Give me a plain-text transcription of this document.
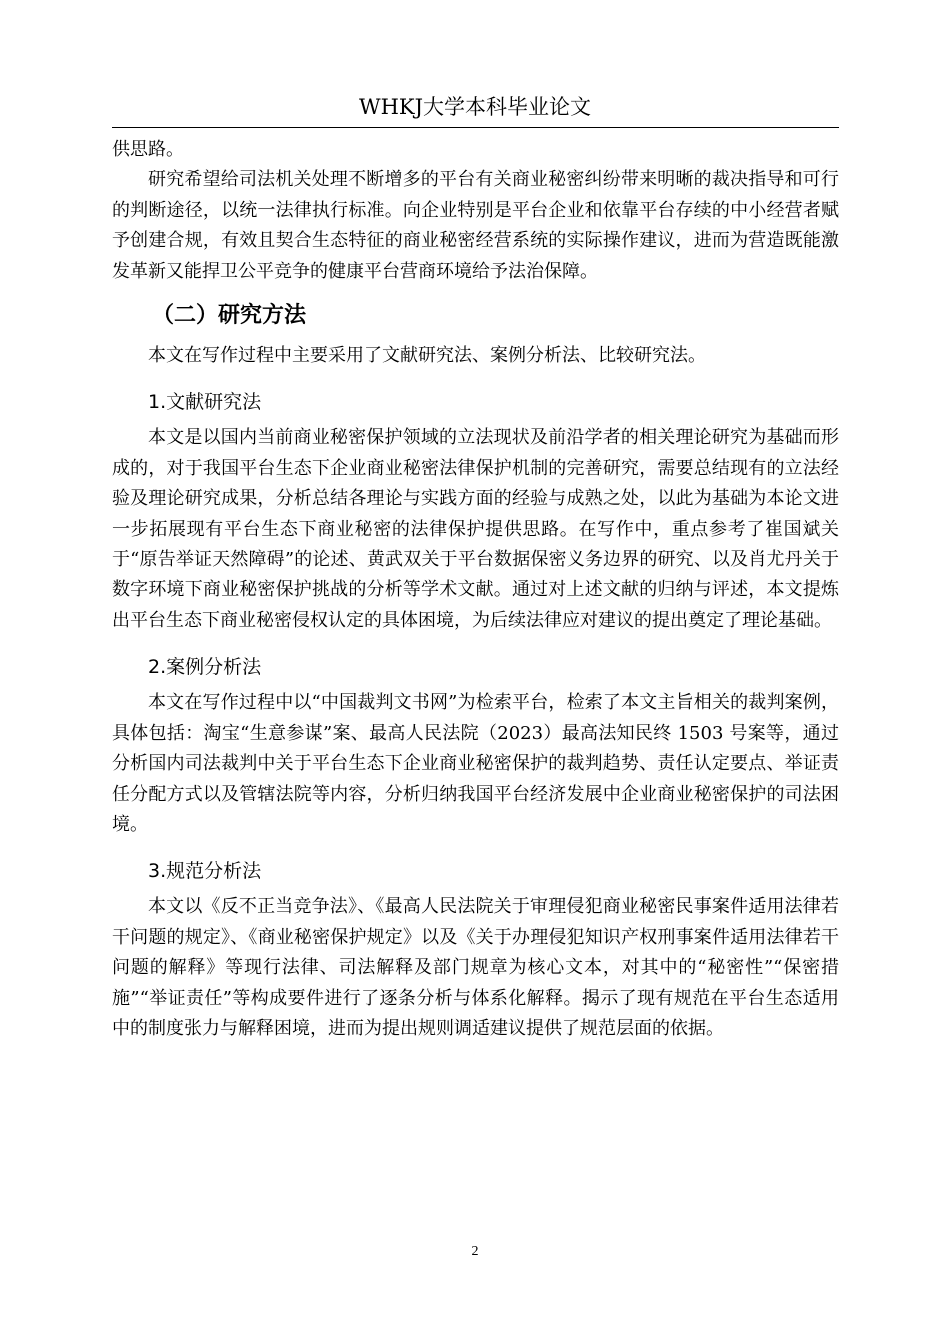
WHKJ大学本科毕业论文

供思路。

研究希望给司法机关处理不断增多的平台有关商业秘密纠纷带来明晰的裁决指导和可行的判断途径，以统一法律执行标准。向企业特别是平台企业和依靠平台存续的中小经营者赋予创建合规，有效且契合生态特征的商业秘密经营系统的实际操作建议，进而为营造既能激发革新又能捍卫公平竞争的健康平台营商环境给予法治保障。

（二）研究方法

本文在写作过程中主要采用了文献研究法、案例分析法、比较研究法。

1.文献研究法

本文是以国内当前商业秘密保护领域的立法现状及前沿学者的相关理论研究为基础而形成的，对于我国平台生态下企业商业秘密法律保护机制的完善研究，需要总结现有的立法经验及理论研究成果，分析总结各理论与实践方面的经验与成熟之处，以此为基础为本论文进一步拓展现有平台生态下商业秘密的法律保护提供思路。在写作中，重点参考了崔国斌关于“原告举证天然障碍”的论述、黄武双关于平台数据保密义务边界的研究、以及肖尤丹关于数字环境下商业秘密保护挑战的分析等学术文献。通过对上述文献的归纳与评述，本文提炼出平台生态下商业秘密侵权认定的具体困境，为后续法律应对建议的提出奠定了理论基础。

2.案例分析法

本文在写作过程中以“中国裁判文书网”为检索平台，检索了本文主旨相关的裁判案例，具体包括：淘宝“生意参谋”案、最高人民法院（2023）最高法知民终 1503 号案等，通过分析国内司法裁判中关于平台生态下企业商业秘密保护的裁判趋势、责任认定要点、举证责任分配方式以及管辖法院等内容，分析归纳我国平台经济发展中企业商业秘密保护的司法困境。

3.规范分析法

本文以《反不正当竞争法》、《最高人民法院关于审理侵犯商业秘密民事案件适用法律若干问题的规定》、《商业秘密保护规定》以及《关于办理侵犯知识产权刑事案件适用法律若干问题的解释》等现行法律、司法解释及部门规章为核心文本，对其中的“秘密性”“保密措施”“举证责任”等构成要件进行了逐条分析与体系化解释。揭示了现有规范在平台生态适用中的制度张力与解释困境，进而为提出规则调适建议提供了规范层面的依据。

2
